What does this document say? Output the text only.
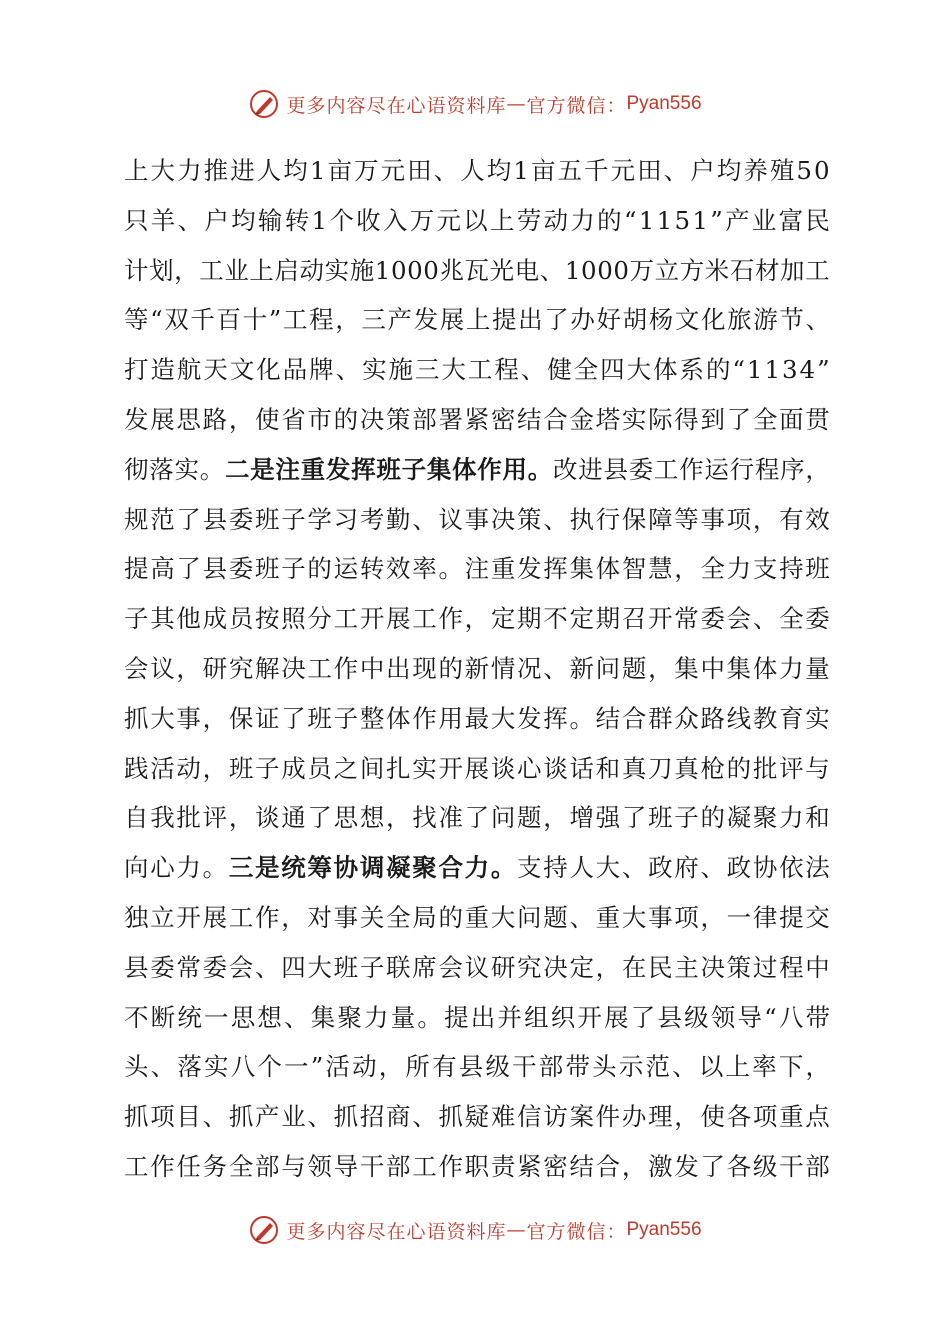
更多内容尽在心语资料库 — 官方微信： Pyan556
上 大 力 推 进 人 均 1 亩 万 元 田 、 人 均 1 亩 五 千 元 田 、 户 均 养 殖 5 0
只 羊 、 户 均 输 转 1 个 收 入 万 元 以 上 劳 动 力 的 “ 1 1 5 1 ” 产 业 富 民
计 划 ， 工 业 上 启 动 实 施 1 0 0 0 兆 瓦 光 电 、 1 0 0 0 万 立 方 米 石 材 加 工
等 “ 双 千 百 十 ” 工 程 ， 三 产 发 展 上 提 出 了 办 好 胡 杨 文 化 旅 游 节 、
打 造 航 天 文 化 品 牌 、 实 施 三 大 工 程 、 健 全 四 大 体 系 的 “ 1 1 3 4 ”
发 展 思 路 ， 使 省 市 的 决 策 部 署 紧 密 结 合 金 塔 实 际 得 到 了 全 面 贯
彻 落 实 。 二 是 注 重 发 挥 班 子 集 体 作 用 。 改 进 县 委 工 作 运 行 程 序 ，
规 范 了 县 委 班 子 学 习 考 勤 、 议 事 决 策 、 执 行 保 障 等 事 项 ， 有 效
提 高 了 县 委 班 子 的 运 转 效 率 。 注 重 发 挥 集 体 智 慧 ， 全 力 支 持 班
子 其 他 成 员 按 照 分 工 开 展 工 作 ， 定 期 不 定 期 召 开 常 委 会 、 全 委
会 议 ， 研 究 解 决 工 作 中 出 现 的 新 情 况 、 新 问 题 ， 集 中 集 体 力 量
抓 大 事 ， 保 证 了 班 子 整 体 作 用 最 大 发 挥 。 结 合 群 众 路 线 教 育 实
践 活 动 ， 班 子 成 员 之 间 扎 实 开 展 谈 心 谈 话 和 真 刀 真 枪 的 批 评 与
自 我 批 评 ， 谈 通 了 思 想 ， 找 准 了 问 题 ， 增 强 了 班 子 的 凝 聚 力 和
向 心 力 。 三 是 统 筹 协 调 凝 聚 合 力 。 支 持 人 大 、 政 府 、 政 协 依 法
独 立 开 展 工 作 ， 对 事 关 全 局 的 重 大 问 题 、 重 大 事 项 ， 一 律 提 交
县 委 常 委 会 、 四 大 班 子 联 席 会 议 研 究 决 定 ， 在 民 主 决 策 过 程 中
不 断 统 一 思 想 、 集 聚 力 量 。 提 出 并 组 织 开 展 了 县 级 领 导 “ 八 带
头 、 落 实 八 个 一 ” 活 动 ， 所 有 县 级 干 部 带 头 示 范 、 以 上 率 下 ，
抓 项 目 、 抓 产 业 、 抓 招 商 、 抓 疑 难 信 访 案 件 办 理 ， 使 各 项 重 点
工 作 任 务 全 部 与 领 导 干 部 工 作 职 责 紧 密 结 合 ， 激 发 了 各 级 干 部
更多内容尽在心语资料库 — 官方微信： Pyan556
